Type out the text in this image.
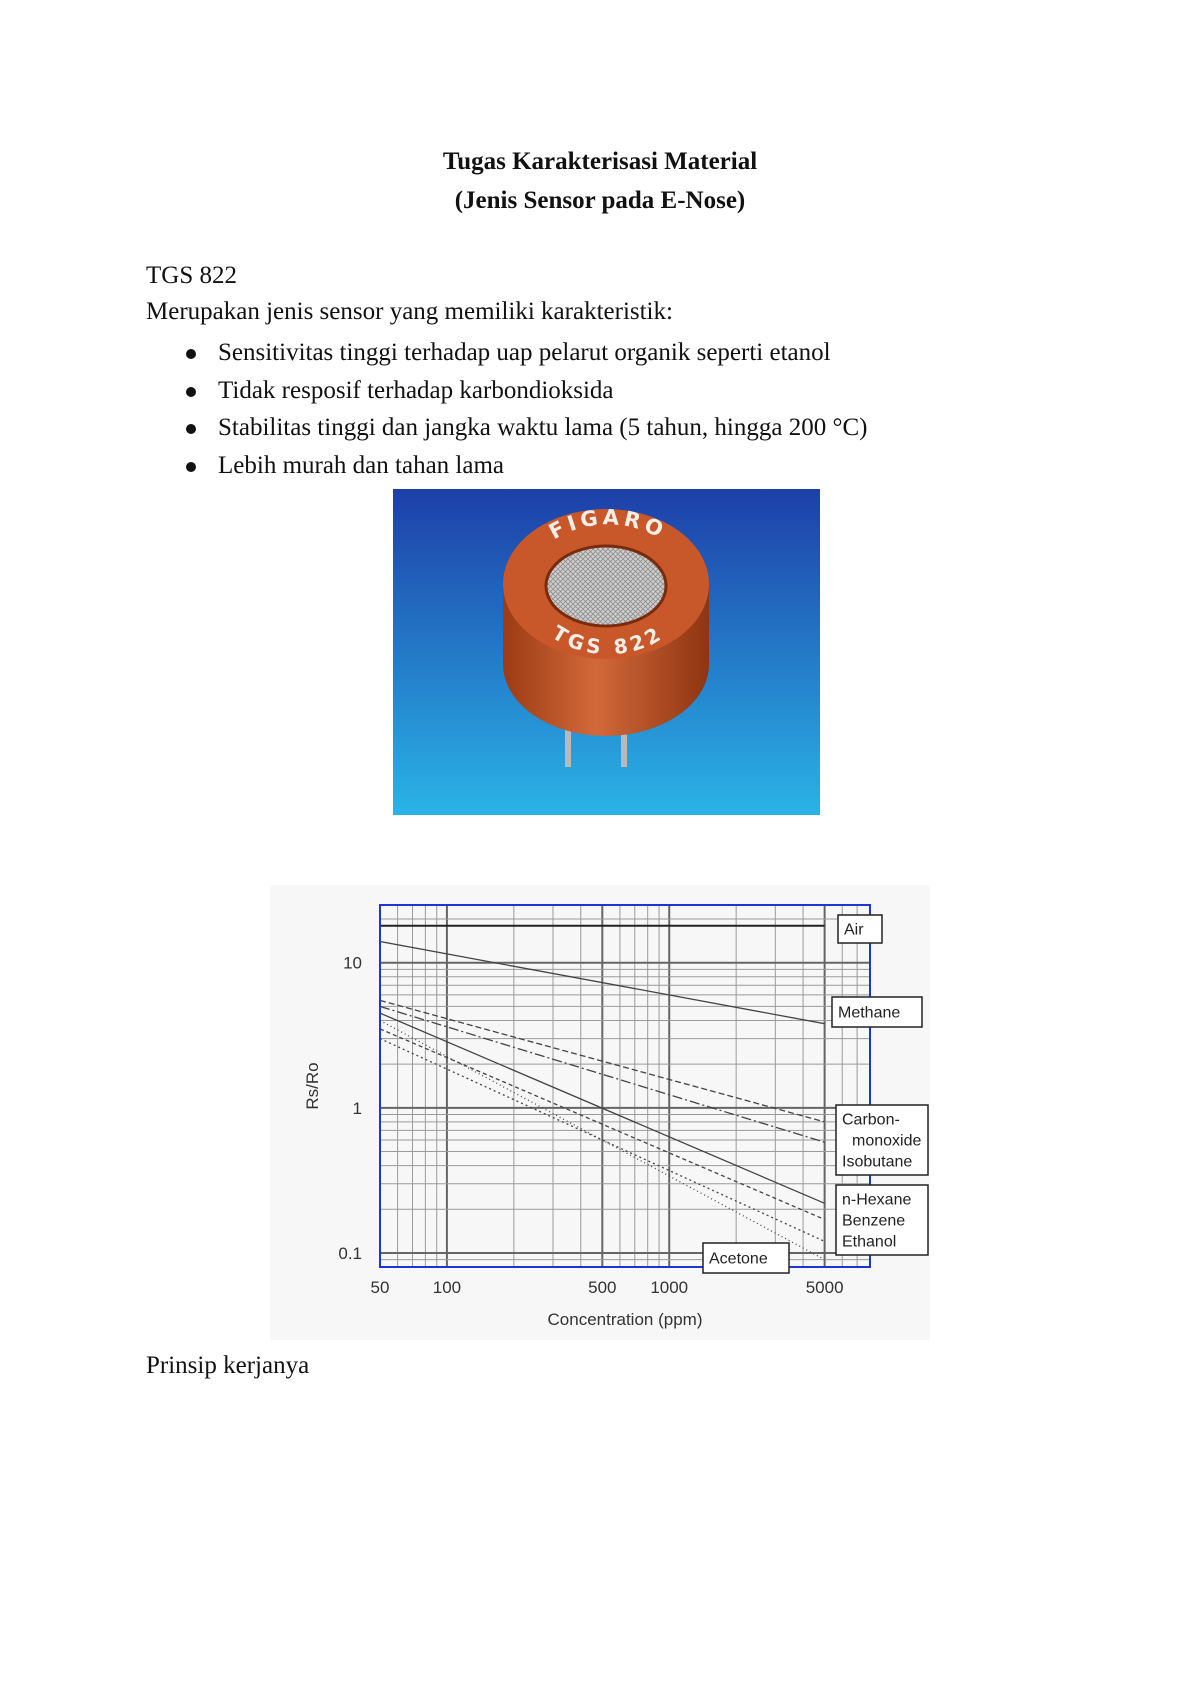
Tugas Karakterisasi Material
(Jenis Sensor pada E-Nose)
TGS 822
Merupakan jenis sensor yang memiliki karakteristik:
Sensitivitas tinggi terhadap uap pelarut organik seperti etanol
Tidak resposif terhadap karbondioksida
Stabilitas tinggi dan jangka waktu lama (5 tahun, hingga 200 °C)
Lebih murah dan tahan lama
FIGARO
TGS 822
50	100	500 1000	5000
0.1
1
10
Air
Methane
Carbon-
monoxide
Isobutane
n-Hexane
Benzene
Ethanol
Acetone
Concentration (ppm)
Rs/Ro
Prinsip kerjanya
